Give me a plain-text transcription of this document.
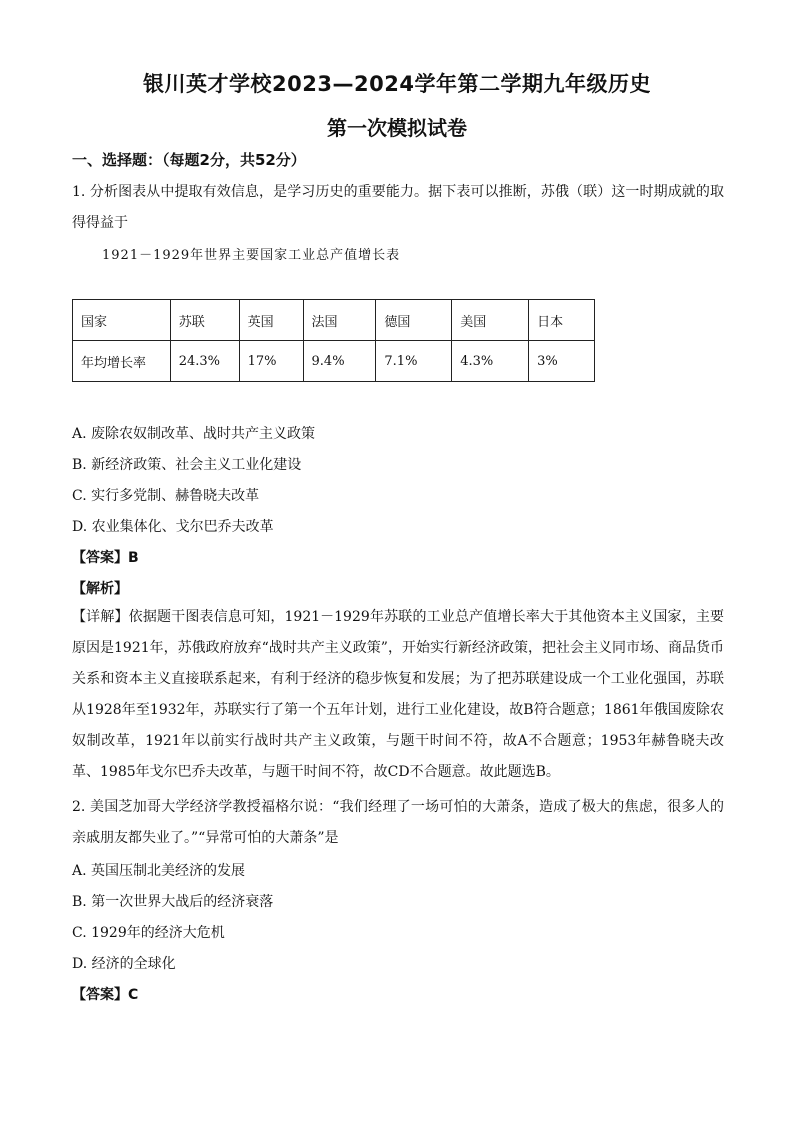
银川英才学校2023—2024学年第二学期九年级历史
第一次模拟试卷
一、选择题：（每题2分，共52分）
1. 分析图表从中提取有效信息，是学习历史的重要能力。据下表可以推断，苏俄（联）这一时期成就的取得得益于
1921－1929年世界主要国家工业总产值增长表
国家	苏联	英国	法国	德国	美国	日本
年均增长率	24.3%	17%	9.4%	7.1%	4.3%	3%
A. 废除农奴制改革、战时共产主义政策
B. 新经济政策、社会主义工业化建设
C. 实行多党制、赫鲁晓夫改革
D. 农业集体化、戈尔巴乔夫改革
【答案】B
【解析】
【详解】依据题干图表信息可知，1921－1929年苏联的工业总产值增长率大于其他资本主义国家，主要原因是1921年，苏俄政府放弃“战时共产主义政策”，开始实行新经济政策，把社会主义同市场、商品货币关系和资本主义直接联系起来，有利于经济的稳步恢复和发展；为了把苏联建设成一个工业化强国，苏联从1928年至1932年，苏联实行了第一个五年计划，进行工业化建设，故B符合题意；1861年俄国废除农奴制改革，1921年以前实行战时共产主义政策，与题干时间不符，故A不合题意；1953年赫鲁晓夫改革、1985年戈尔巴乔夫改革，与题干时间不符，故CD不合题意。故此题选B。
2. 美国芝加哥大学经济学教授福格尔说：“我们经理了一场可怕的大萧条，造成了极大的焦虑，很多人的亲戚朋友都失业了。”“异常可怕的大萧条”是
A. 英国压制北美经济的发展
B. 第一次世界大战后的经济衰落
C. 1929年的经济大危机
D. 经济的全球化
【答案】C
